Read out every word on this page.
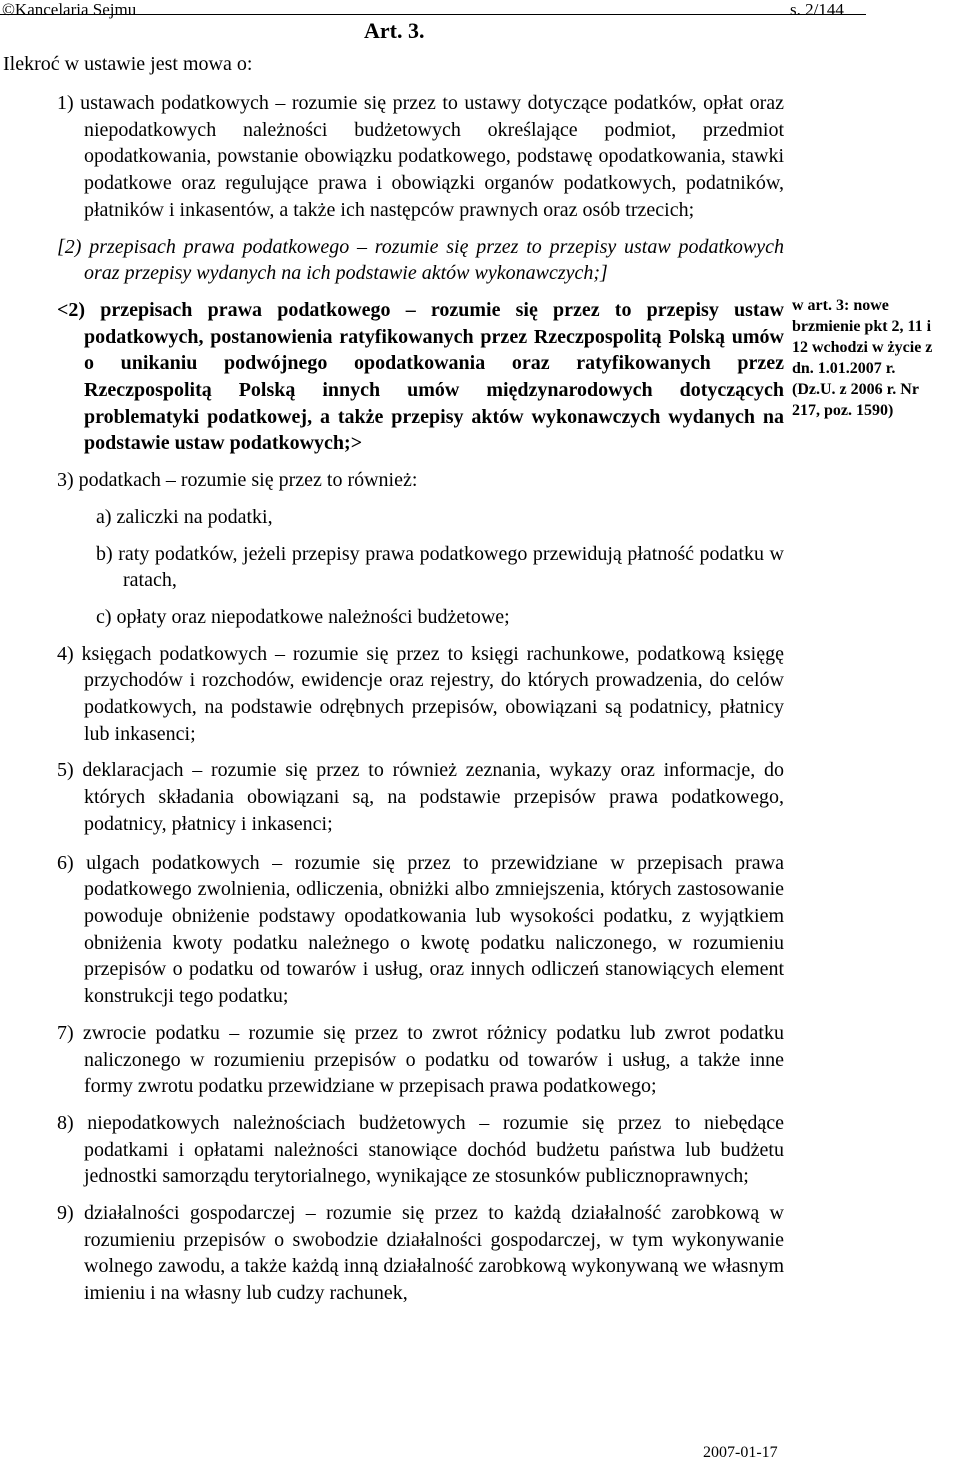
©Kancelaria Sejmu	s. 2/144
Art. 3.
Ilekroć w ustawie jest mowa o:

1) ustawach podatkowych – rozumie się przez to ustawy dotyczące podatków, opłat oraz niepodatkowych należności budżetowych określające podmiot, przedmiot opodatkowania, powstanie obowiązku podatkowego, podstawę opodatkowania, stawki podatkowe oraz regulujące prawa i obowiązki organów podatkowych, podatników, płatników i inkasentów, a także ich następców prawnych oraz osób trzecich;

[2) przepisach prawa podatkowego – rozumie się przez to przepisy ustaw podatkowych oraz przepisy wydanych na ich podstawie aktów wykonawczych;]

<2) przepisach prawa podatkowego – rozumie się przez to przepisy ustaw podatkowych, postanowienia ratyfikowanych przez Rzeczpospolitą Polską umów o unikaniu podwójnego opodatkowania oraz ratyfikowanych przez Rzeczpospolitą Polską innych umów międzynarodowych dotyczących problematyki podatkowej, a także przepisy aktów wykonawczych wydanych na podstawie ustaw podatkowych;>

3) podatkach – rozumie się przez to również:

a) zaliczki na podatki,

b) raty podatków, jeżeli przepisy prawa podatkowego przewidują płatność podatku w ratach,

c) opłaty oraz niepodatkowe należności budżetowe;

4) księgach podatkowych – rozumie się przez to księgi rachunkowe, podatkową księgę przychodów i rozchodów, ewidencje oraz rejestry, do których prowadzenia, do celów podatkowych, na podstawie odrębnych przepisów, obowiązani są podatnicy, płatnicy lub inkasenci;

5) deklaracjach – rozumie się przez to również zeznania, wykazy oraz informacje, do których składania obowiązani są, na podstawie przepisów prawa podatkowego, podatnicy, płatnicy i inkasenci;

6) ulgach podatkowych – rozumie się przez to przewidziane w przepisach prawa podatkowego zwolnienia, odliczenia, obniżki albo zmniejszenia, których zastosowanie powoduje obniżenie podstawy opodatkowania lub wysokości podatku, z wyjątkiem obniżenia kwoty podatku należnego o kwotę podatku naliczonego, w rozumieniu przepisów o podatku od towarów i usług, oraz innych odliczeń stanowiących element konstrukcji tego podatku;

7) zwrocie podatku – rozumie się przez to zwrot różnicy podatku lub zwrot podatku naliczonego w rozumieniu przepisów o podatku od towarów i usług, a także inne formy zwrotu podatku przewidziane w przepisach prawa podatkowego;

8) niepodatkowych należnościach budżetowych – rozumie się przez to niebędące podatkami i opłatami należności stanowiące dochód budżetu państwa lub budżetu jednostki samorządu terytorialnego, wynikające ze stosunków publicznoprawnych;

9) działalności gospodarczej – rozumie się przez to każdą działalność zarobkową w rozumieniu przepisów o swobodzie działalności gospodarczej, w tym wykonywanie wolnego zawodu, a także każdą inną działalność zarobkową wykonywaną we własnym imieniu i na własny lub cudzy rachunek,

w art. 3: nowe
brzmienie pkt 2, 11 i
12 wchodzi w życie z
dn. 1.01.2007 r.
(Dz.U. z 2006 r. Nr
217, poz. 1590)
2007-01-17
